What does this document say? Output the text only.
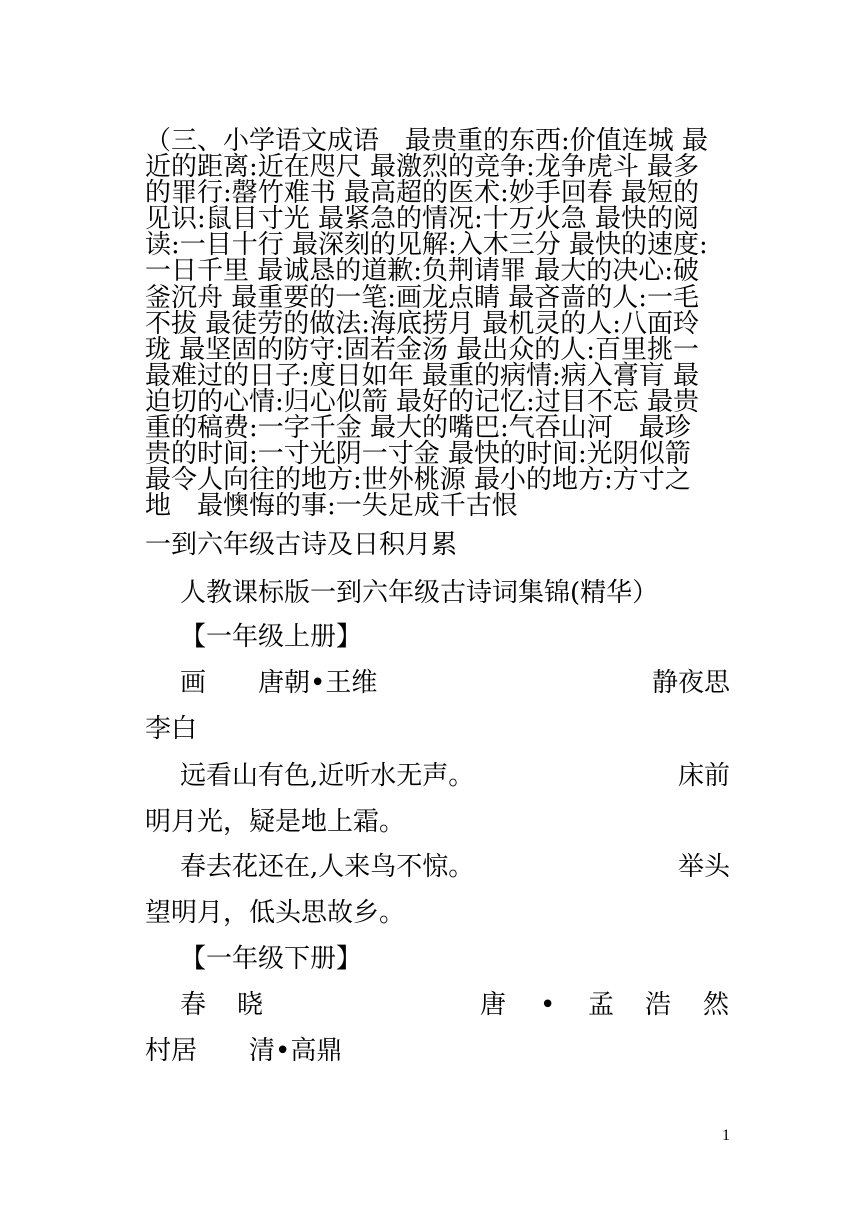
（三、小学语文成语　最贵重的东西:价值连城 最
近的距离:近在咫尺 最激烈的竞争:龙争虎斗 最多
的罪行:罄竹难书 最高超的医术:妙手回春 最短的
见识:鼠目寸光 最紧急的情况:十万火急 最快的阅
读:一目十行 最深刻的见解:入木三分 最快的速度:
一日千里 最诚恳的道歉:负荆请罪 最大的决心:破
釜沉舟 最重要的一笔:画龙点睛 最吝啬的人:一毛
不拔 最徒劳的做法:海底捞月 最机灵的人:八面玲
珑 最坚固的防守:固若金汤 最出众的人:百里挑一
最难过的日子:度日如年 最重的病情:病入膏肓 最
迫切的心情:归心似箭 最好的记忆:过目不忘 最贵
重的稿费:一字千金 最大的嘴巴:气吞山河　最珍
贵的时间:一寸光阴一寸金 最快的时间:光阴似箭
最令人向往的地方:世外桃源 最小的地方:方寸之
地　最懊悔的事:一失足成千古恨
一到六年级古诗及日积月累
人教课标版一到六年级古诗词集锦(精华）
【一年级上册】
画　　唐朝•王维	静夜思
李白
远看山有色,近听水无声。	床前
明月光，疑是地上霜。
春去花还在,人来鸟不惊。	举头
望明月，低头思故乡。
【一年级下册】
春 晓	唐 • 孟 浩 然
村居　　清•高鼎
1
